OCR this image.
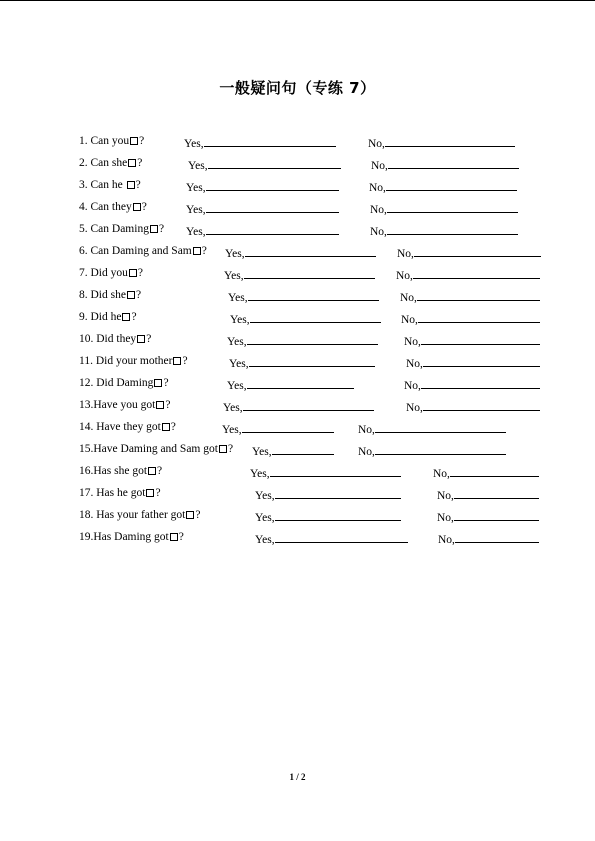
一般疑问句（专练 7）
1. Can you ?	Yes,	No,
2. Can she ?	Yes,	No,
3. Can he ?	Yes,	No,
4. Can they ?	Yes,	No,
5. Can Daming ? Yes,	No,
6. Can Daming and Sam ? Yes,	No,
7. Did you ?	Yes,	No,
8. Did she ?	Yes,	No,
9. Did he ?	Yes,	No,
10. Did they ?	Yes,	No,
11. Did your mother ?	Yes,	No,
12. Did Daming ?	Yes,	No,
13.Have you got ?	Yes,	No,
14. Have they got ?	Yes,	No,
15.Have Daming and Sam got ? Yes,	No,
16.Has she got ?	Yes,	No,
17. Has he got ?	Yes,	No,
18. Has your father got ?	Yes,	No,
19.Has Daming got ?	Yes,	No,
1 / 2
